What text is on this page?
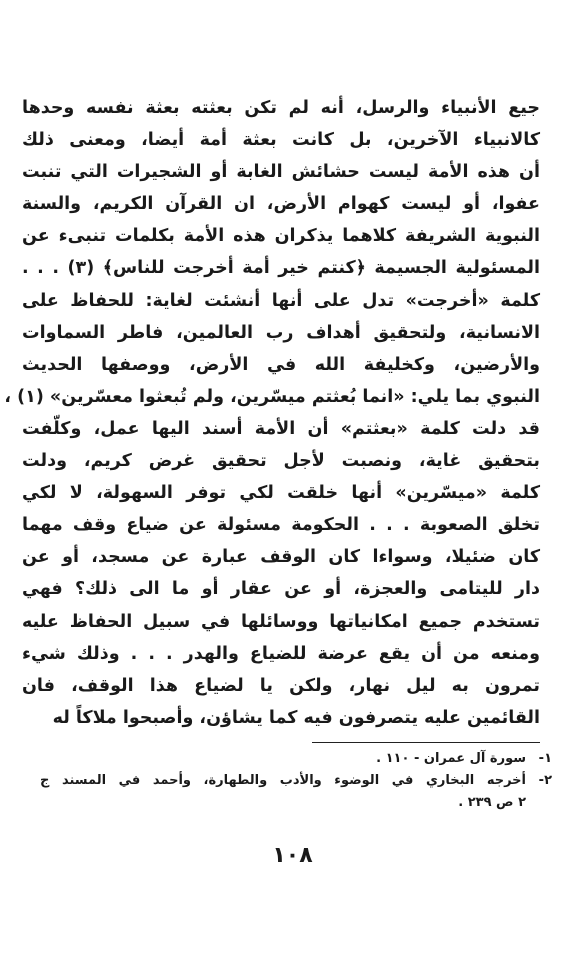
جيع الأنبياء والرسل، أنه لم تكن بعثته بعثة نفسه وحدها
كالانبياء الآخرين، بل كانت بعثة أمة أيضا، ومعنى ذلك
أن هذه الأمة ليست حشائش الغابة أو الشجيرات التي تنبت
عفوا، أو ليست كهوام الأرض، ان القرآن الكريم، والسنة
النبوية الشريفة كلاهما يذكران هذه الأمة بكلمات تنبىء عن
المسئولية الجسيمة ﴿كنتم خير أمة أخرجت للناس﴾ (٣) . . .
كلمة «أخرجت» تدل على أنها أنشئت لغاية: للحفاظ على
الانسانية، ولتحقيق أهداف رب العالمين، فاطر السماوات
والأرضين، وكخليفة الله في الأرض، ووصفها الحديث
النبوي بما يلي: «انما بُعثتم ميسّرين، ولم تُبعثوا معسّرين» (١) ،
قد دلت كلمة «بعثتم» أن الأمة أسند اليها عمل، وكلّفت
بتحقيق غاية، ونصبت لأجل تحقيق غرض كريم، ودلت
كلمة «ميسّرين» أنها خلقت لكي توفر السهولة، لا لكي
تخلق الصعوبة . . . الحكومة مسئولة عن ضياع وقف مهما
كان ضئيلا، وسواءا كان الوقف عبارة عن مسجد، أو عن
دار لليتامى والعجزة، أو عن عقار أو ما الى ذلك؟ فهي
تستخدم جميع امكانياتها ووسائلها في سبيل الحفاظ عليه
ومنعه من أن يقع عرضة للضياع والهدر . . . وذلك شيء
تمرون به ليل نهار، ولكن يا لضياع هذا الوقف، فان
القائمين عليه يتصرفون فيه كما يشاؤن، وأصبحوا ملاكاً له
١-
سورة آل عمران - ١١٠ .
٢-
أخرجه البخاري في الوضوء والأدب والطهارة، وأحمد في المسند ج
٢ ص ٢٣٩ .
١٠٨
